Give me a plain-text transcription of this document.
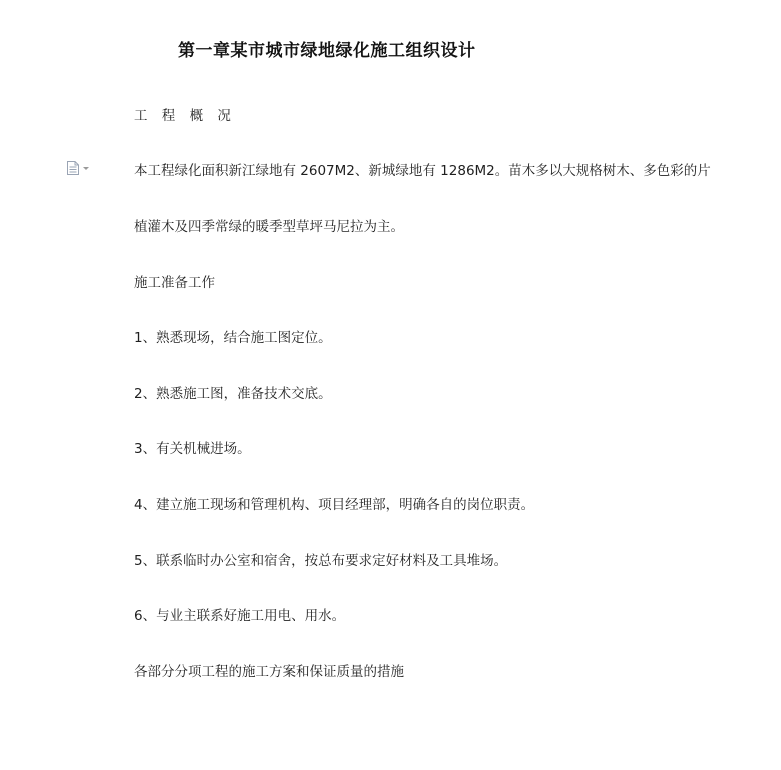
第一章某市城市绿地绿化施工组织设计
工 程 概 况
本工程绿化面积新江绿地有 2607M2、新城绿地有 1286M2。苗木多以大规格树木、多色彩的片
植灌木及四季常绿的暖季型草坪马尼拉为主。
施工准备工作
1、熟悉现场，结合施工图定位。
2、熟悉施工图，准备技术交底。
3、有关机械进场。
4、建立施工现场和管理机构、项目经理部，明确各自的岗位职责。
5、联系临时办公室和宿舍，按总布要求定好材料及工具堆场。
6、与业主联系好施工用电、用水。
各部分分项工程的施工方案和保证质量的措施
